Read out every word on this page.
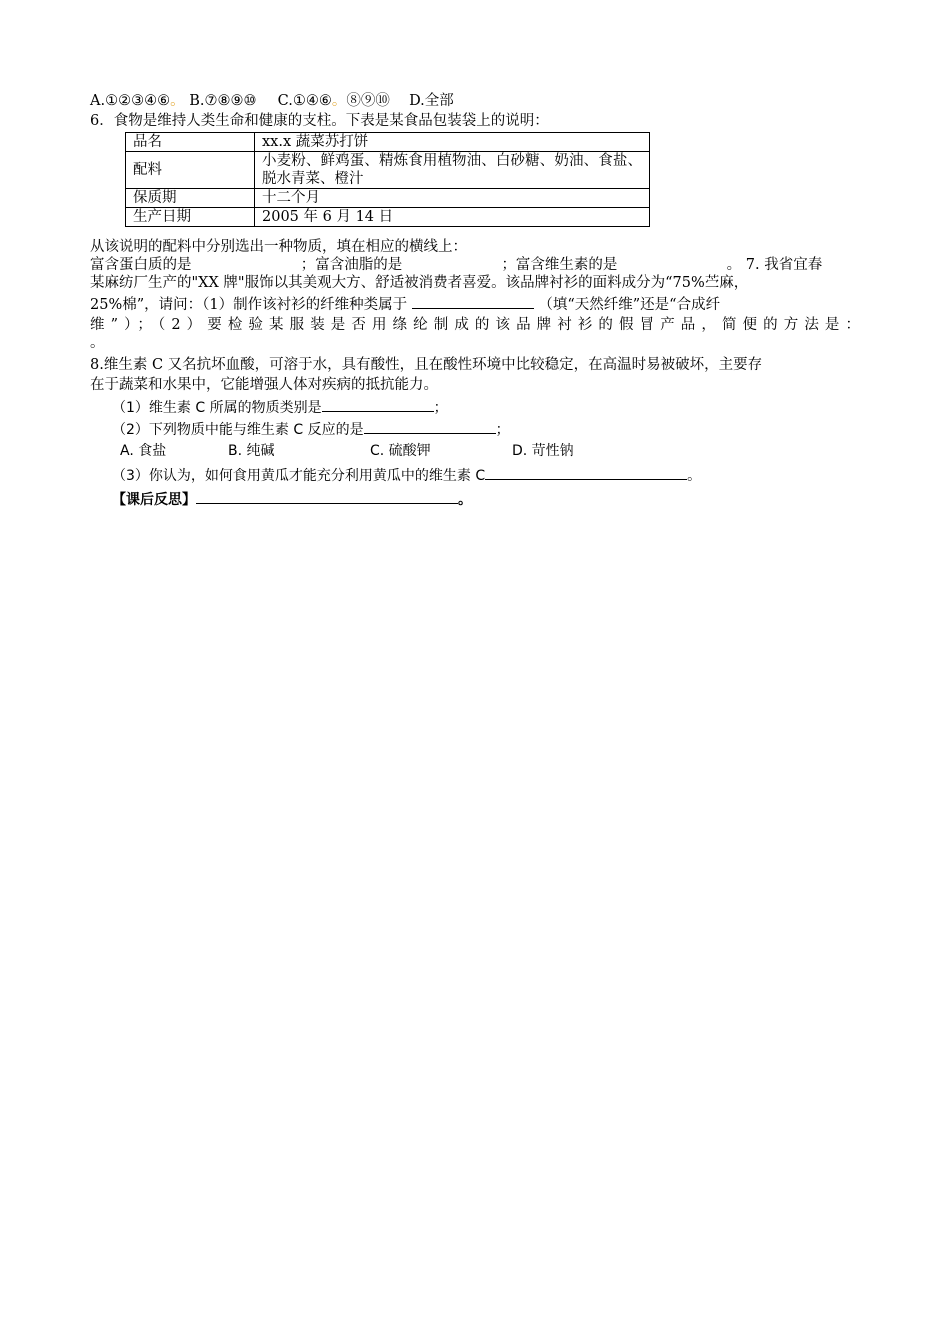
A.①②③④⑥。 B.⑦⑧⑨⑩ C.①④⑥。⑧⑨⑩ D.全部
6．食物是维持人类生命和健康的支柱。下表是某食品包装袋上的说明：
品名	xx.x 蔬菜苏打饼
配料	小麦粉、鲜鸡蛋、精炼食用植物油、白砂糖、奶油、食盐、脱水青菜、橙汁
保质期	十二个月
生产日期	2005 年 6 月 14 日
从该说明的配料中分别选出一种物质，填在相应的横线上：
富含蛋白质的是	；富含油脂的是	；富含维生素的是	。 7. 我省宜春
某麻纺厂生产的"XX 牌"服饰以其美观大方、舒适被消费者喜爱。该品牌衬衫的面料成分为“75%苎麻，
25%棉”，请问：（1）制作该衬衫的纤维种类属于	（填“天然纤维”还是“合成纤
维”）；（2）要检验某服装是否用绦纶制成的该品牌衬衫的假冒产品，简便的方法是：
。
8.维生素 C 又名抗坏血酸，可溶于水，具有酸性，且在酸性环境中比较稳定，在高温时易被破坏，主要存
在于蔬菜和水果中，它能增强人体对疾病的抵抗能力。
（1）维生素 C 所属的物质类别是	；
（2）下列物质中能与维生素 C 反应的是	；
A. 食盐	B. 纯碱	C. 硫酸钾	D. 苛性钠
（3）你认为，如何食用黄瓜才能充分利用黄瓜中的维生素 C	。
【课后反思】	。
